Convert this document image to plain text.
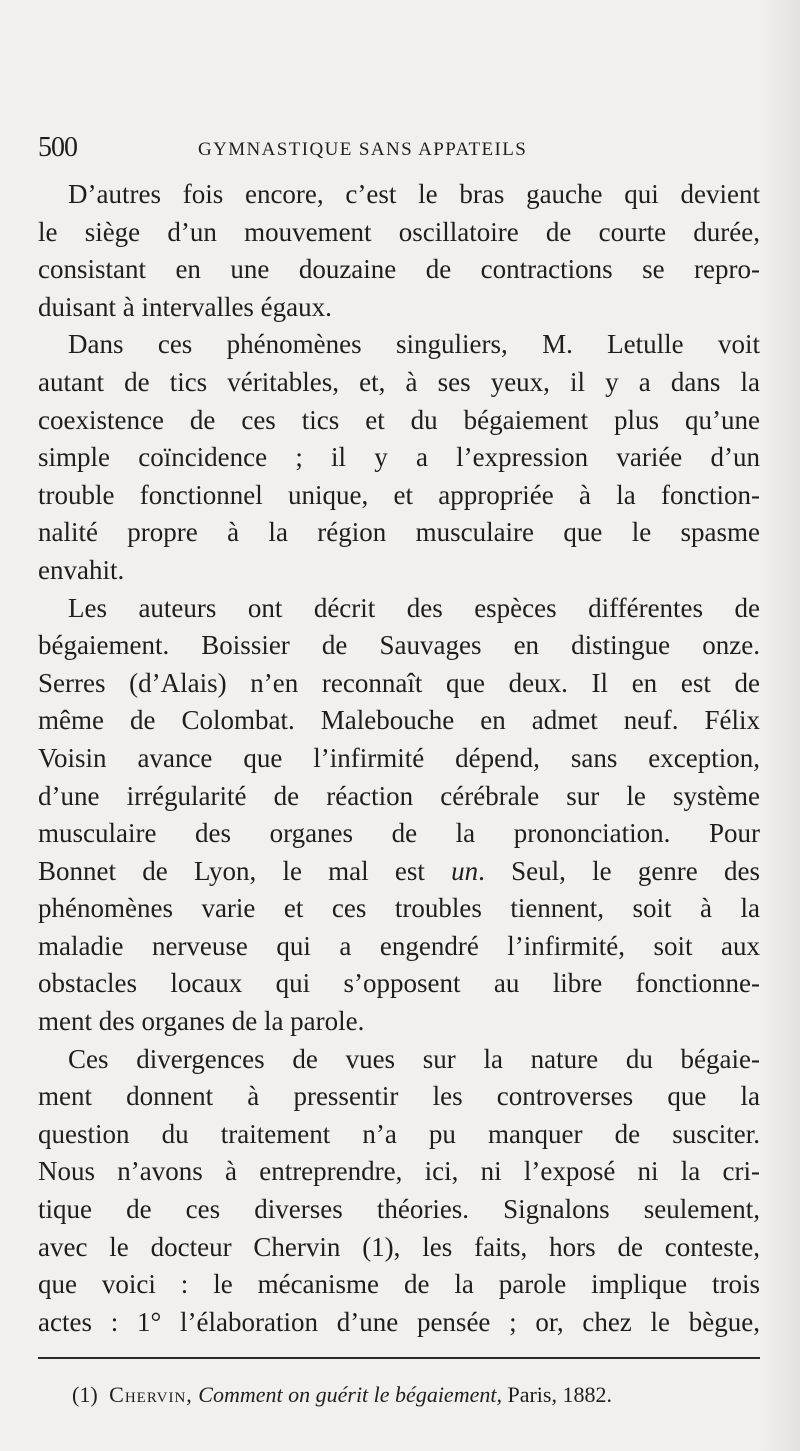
500	GYMNASTIQUE SANS APPATEILS
D’autres fois encore, c’est le bras gauche qui devient
le siège d’un mouvement oscillatoire de courte durée,
consistant en une douzaine de contractions se repro-
duisant à intervalles égaux.
Dans ces phénomènes singuliers, M. Letulle voit
autant de tics véritables, et, à ses yeux, il y a dans la
coexistence de ces tics et du bégaiement plus qu’une
simple coïncidence ; il y a l’expression variée d’un
trouble fonctionnel unique, et appropriée à la fonction-
nalité propre à la région musculaire que le spasme
envahit.
Les auteurs ont décrit des espèces différentes de
bégaiement. Boissier de Sauvages en distingue onze.
Serres (d’Alais) n’en reconnaît que deux. Il en est de
même de Colombat. Malebouche en admet neuf. Félix
Voisin avance que l’infirmité dépend, sans exception,
d’une irrégularité de réaction cérébrale sur le système
musculaire des organes de la prononciation. Pour
Bonnet de Lyon, le mal est un. Seul, le genre des
phénomènes varie et ces troubles tiennent, soit à la
maladie nerveuse qui a engendré l’infirmité, soit aux
obstacles locaux qui s’opposent au libre fonctionne-
ment des organes de la parole.
Ces divergences de vues sur la nature du bégaie-
ment donnent à pressentir les controverses que la
question du traitement n’a pu manquer de susciter.
Nous n’avons à entreprendre, ici, ni l’exposé ni la cri-
tique de ces diverses théories. Signalons seulement,
avec le docteur Chervin (1), les faits, hors de conteste,
que voici : le mécanisme de la parole implique trois
actes : 1° l’élaboration d’une pensée ; or, chez le bègue,
(1) Chervin, Comment on guérit le bégaiement, Paris, 1882.
